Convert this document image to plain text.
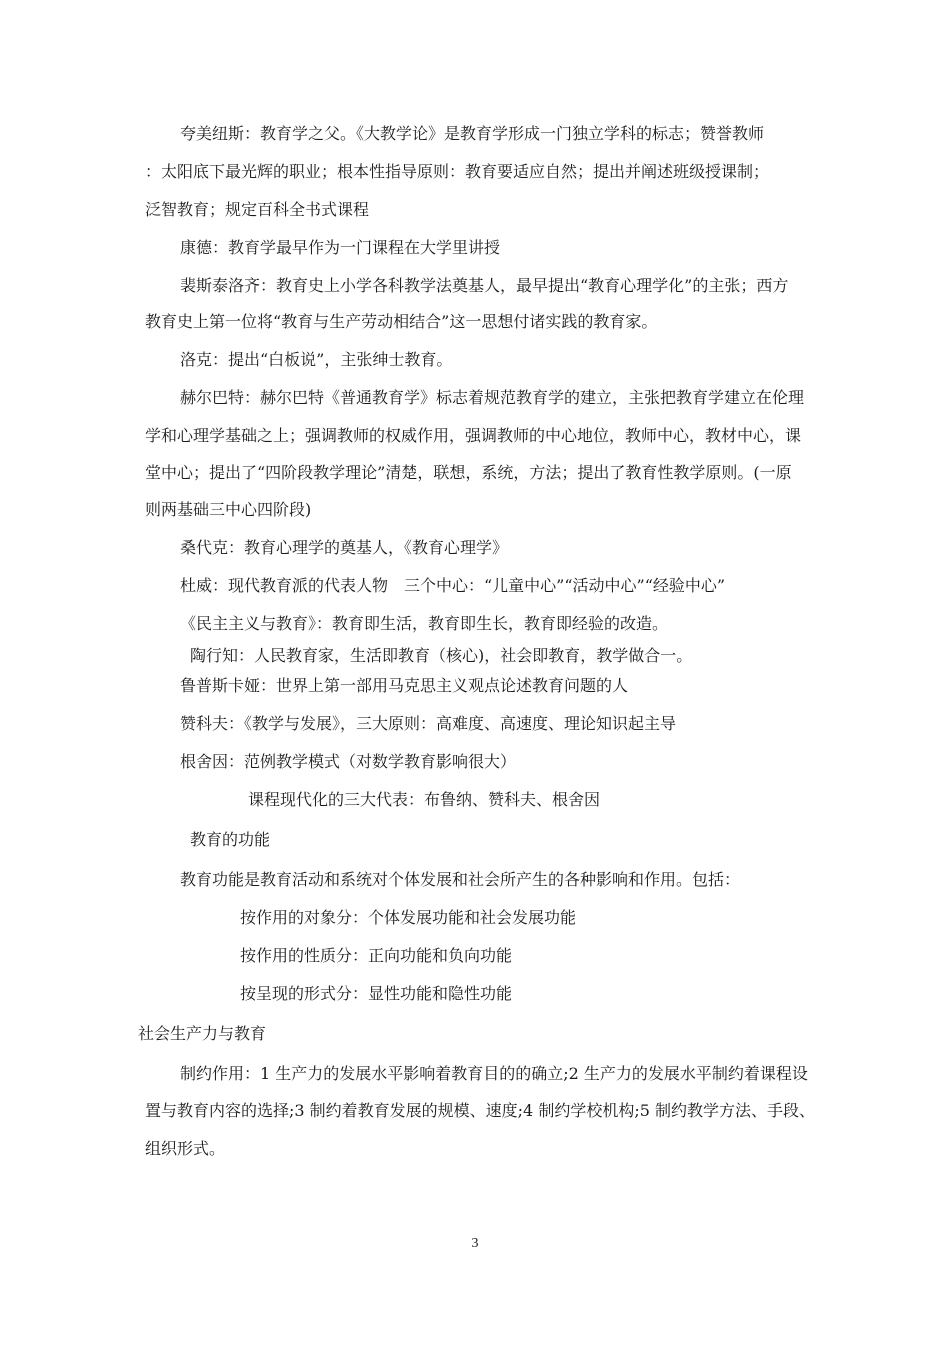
夸美纽斯：教育学之父。《大教学论》是教育学形成一门独立学科的标志；赞誉教师
：太阳底下最光辉的职业；根本性指导原则：教育要适应自然；提出并阐述班级授课制；
泛智教育；规定百科全书式课程
康德：教育学最早作为一门课程在大学里讲授
裴斯泰洛齐：教育史上小学各科教学法奠基人，最早提出“教育心理学化”的主张；西方
教育史上第一位将“教育与生产劳动相结合”这一思想付诸实践的教育家。
洛克：提出“白板说”，主张绅士教育。
赫尔巴特：赫尔巴特《普通教育学》标志着规范教育学的建立，主张把教育学建立在伦理
学和心理学基础之上；强调教师的权威作用，强调教师的中心地位，教师中心，教材中心，课
堂中心；提出了“四阶段教学理论”清楚，联想，系统，方法；提出了教育性教学原则。(一原
则两基础三中心四阶段)
桑代克：教育心理学的奠基人，《教育心理学》
杜威：现代教育派的代表人物　三个中心：“儿童中心”“活动中心”“经验中心”
《民主主义与教育》：教育即生活，教育即生长，教育即经验的改造。
陶行知：人民教育家，生活即教育（核心)，社会即教育，教学做合一。
鲁普斯卡娅：世界上第一部用马克思主义观点论述教育问题的人
赞科夫：《教学与发展》，三大原则：高难度、高速度、理论知识起主导
根舍因：范例教学模式（对数学教育影响很大）
课程现代化的三大代表：布鲁纳、赞科夫、根舍因
教育的功能
教育功能是教育活动和系统对个体发展和社会所产生的各种影响和作用。包括：
按作用的对象分：个体发展功能和社会发展功能
按作用的性质分：正向功能和负向功能
按呈现的形式分：显性功能和隐性功能
社会生产力与教育
制约作用：1 生产力的发展水平影响着教育目的的确立;2 生产力的发展水平制约着课程设
置与教育内容的选择;3 制约着教育发展的规模、速度;4 制约学校机构;5 制约教学方法、手段、
组织形式。
3
